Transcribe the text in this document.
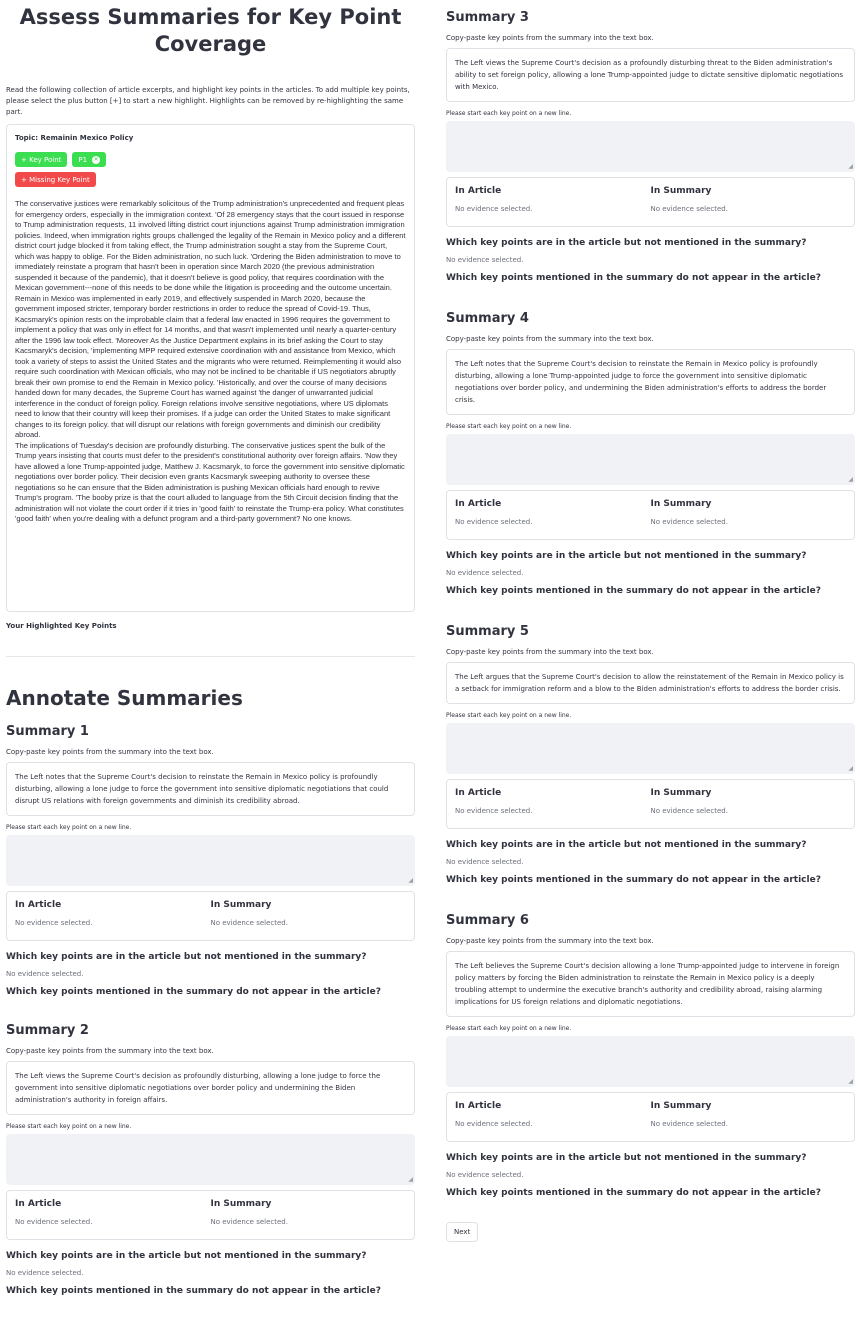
Assess Summaries for Key Point Coverage

Read the following collection of article excerpts, and highlight key points in the articles. To add multiple key points, please select the plus button [+] to start a new highlight. Highlights can be removed by re-highlighting the same part.

Topic: Remainin Mexico Policy
+ Key Point P1 ✕
+ Missing Key Point

The conservative justices were remarkably solicitous of the Trump administration's unprecedented and frequent pleas for emergency orders, especially in the immigration context. 'Of 28 emergency stays that the court issued in response to Trump administration requests, 11 involved lifting district court injunctions against Trump administration immigration policies. Indeed, when immigration rights groups challenged the legality of the Remain in Mexico policy and a different district court judge blocked it from taking effect, the Trump administration sought a stay from the Supreme Court, which was happy to oblige. For the Biden administration, no such luck. 'Ordering the Biden administration to move to immediately reinstate a program that hasn't been in operation since March 2020 (the previous administration suspended it because of the pandemic), that it doesn't believe is good policy, that requires coordination with the Mexican government---none of this needs to be done while the litigation is proceeding and the outcome uncertain.

Remain in Mexico was implemented in early 2019, and effectively suspended in March 2020, because the government imposed stricter, temporary border restrictions in order to reduce the spread of Covid-19. Thus, Kacsmaryk's opinion rests on the improbable claim that a federal law enacted in 1996 requires the government to implement a policy that was only in effect for 14 months, and that wasn't implemented until nearly a quarter-century after the 1996 law took effect. 'Moreover As the Justice Department explains in its brief asking the Court to stay Kacsmaryk's decision, 'implementing MPP required extensive coordination with and assistance from Mexico, which took a variety of steps to assist the United States and the migrants who were returned. Reimplementing it would also require such coordination with Mexican officials, who may not be inclined to be charitable if US negotiators abruptly break their own promise to end the Remain in Mexico policy. 'Historically, and over the course of many decisions handed down for many decades, the Supreme Court has warned against 'the danger of unwarranted judicial interference in the conduct of foreign policy. Foreign relations involve sensitive negotiations, where US diplomats need to know that their country will keep their promises. If a judge can order the United States to make significant changes to its foreign policy. that will disrupt our relations with foreign governments and diminish our credibility abroad.

The implications of Tuesday's decision are profoundly disturbing. The conservative justices spent the bulk of the Trump years insisting that courts must defer to the president's constitutional authority over foreign affairs. 'Now they have allowed a lone Trump-appointed judge, Matthew J. Kacsmaryk, to force the government into sensitive diplomatic negotiations over border policy. Their decision even grants Kacsmaryk sweeping authority to oversee these negotiations so he can ensure that the Biden administration is pushing Mexican officials hard enough to revive Trump's program. 'The booby prize is that the court alluded to language from the 5th Circuit decision finding that the administration will not violate the court order if it tries in 'good faith' to reinstate the Trump-era policy. What constitutes 'good faith' when you're dealing with a defunct program and a third-party government? No one knows.

Your Highlighted Key Points
Annotate Summaries
Summary 1
Copy-paste key points from the summary into the text box.
The Left notes that the Supreme Court's decision to reinstate the Remain in Mexico policy is profoundly disturbing, allowing a lone judge to force the government into sensitive diplomatic negotiations that could disrupt US relations with foreign governments and diminish its credibility abroad.
Please start each key point on a new line.
◢
In Article
No evidence selected.
In Summary
No evidence selected.
Which key points are in the article but not mentioned in the summary?
No evidence selected.
Which key points mentioned in the summary do not appear in the article?
Summary 2
Copy-paste key points from the summary into the text box.
The Left views the Supreme Court's decision as profoundly disturbing, allowing a lone judge to force the government into sensitive diplomatic negotiations over border policy and undermining the Biden administration's authority in foreign affairs.
Please start each key point on a new line.
◢
In Article
No evidence selected.
In Summary
No evidence selected.
Which key points are in the article but not mentioned in the summary?
No evidence selected.
Which key points mentioned in the summary do not appear in the article?
Summary 3
Copy-paste key points from the summary into the text box.
The Left views the Supreme Court's decision as a profoundly disturbing threat to the Biden administration's ability to set foreign policy, allowing a lone Trump-appointed judge to dictate sensitive diplomatic negotiations with Mexico.
Please start each key point on a new line.
◢
In Article
No evidence selected.
In Summary
No evidence selected.
Which key points are in the article but not mentioned in the summary?
No evidence selected.
Which key points mentioned in the summary do not appear in the article?
Summary 4
Copy-paste key points from the summary into the text box.
The Left notes that the Supreme Court's decision to reinstate the Remain in Mexico policy is profoundly disturbing, allowing a lone Trump-appointed judge to force the government into sensitive diplomatic negotiations over border policy, and undermining the Biden administration's efforts to address the border crisis.
Please start each key point on a new line.
◢
In Article
No evidence selected.
In Summary
No evidence selected.
Which key points are in the article but not mentioned in the summary?
No evidence selected.
Which key points mentioned in the summary do not appear in the article?
Summary 5
Copy-paste key points from the summary into the text box.
The Left argues that the Supreme Court's decision to allow the reinstatement of the Remain in Mexico policy is a setback for immigration reform and a blow to the Biden administration's efforts to address the border crisis.
Please start each key point on a new line.
◢
In Article
No evidence selected.
In Summary
No evidence selected.
Which key points are in the article but not mentioned in the summary?
No evidence selected.
Which key points mentioned in the summary do not appear in the article?
Summary 6
Copy-paste key points from the summary into the text box.
The Left believes the Supreme Court's decision allowing a lone Trump-appointed judge to intervene in foreign policy matters by forcing the Biden administration to reinstate the Remain in Mexico policy is a deeply troubling attempt to undermine the executive branch's authority and credibility abroad, raising alarming implications for US foreign relations and diplomatic negotiations.
Please start each key point on a new line.
◢
In Article
No evidence selected.
In Summary
No evidence selected.
Which key points are in the article but not mentioned in the summary?
No evidence selected.
Which key points mentioned in the summary do not appear in the article?
Next
